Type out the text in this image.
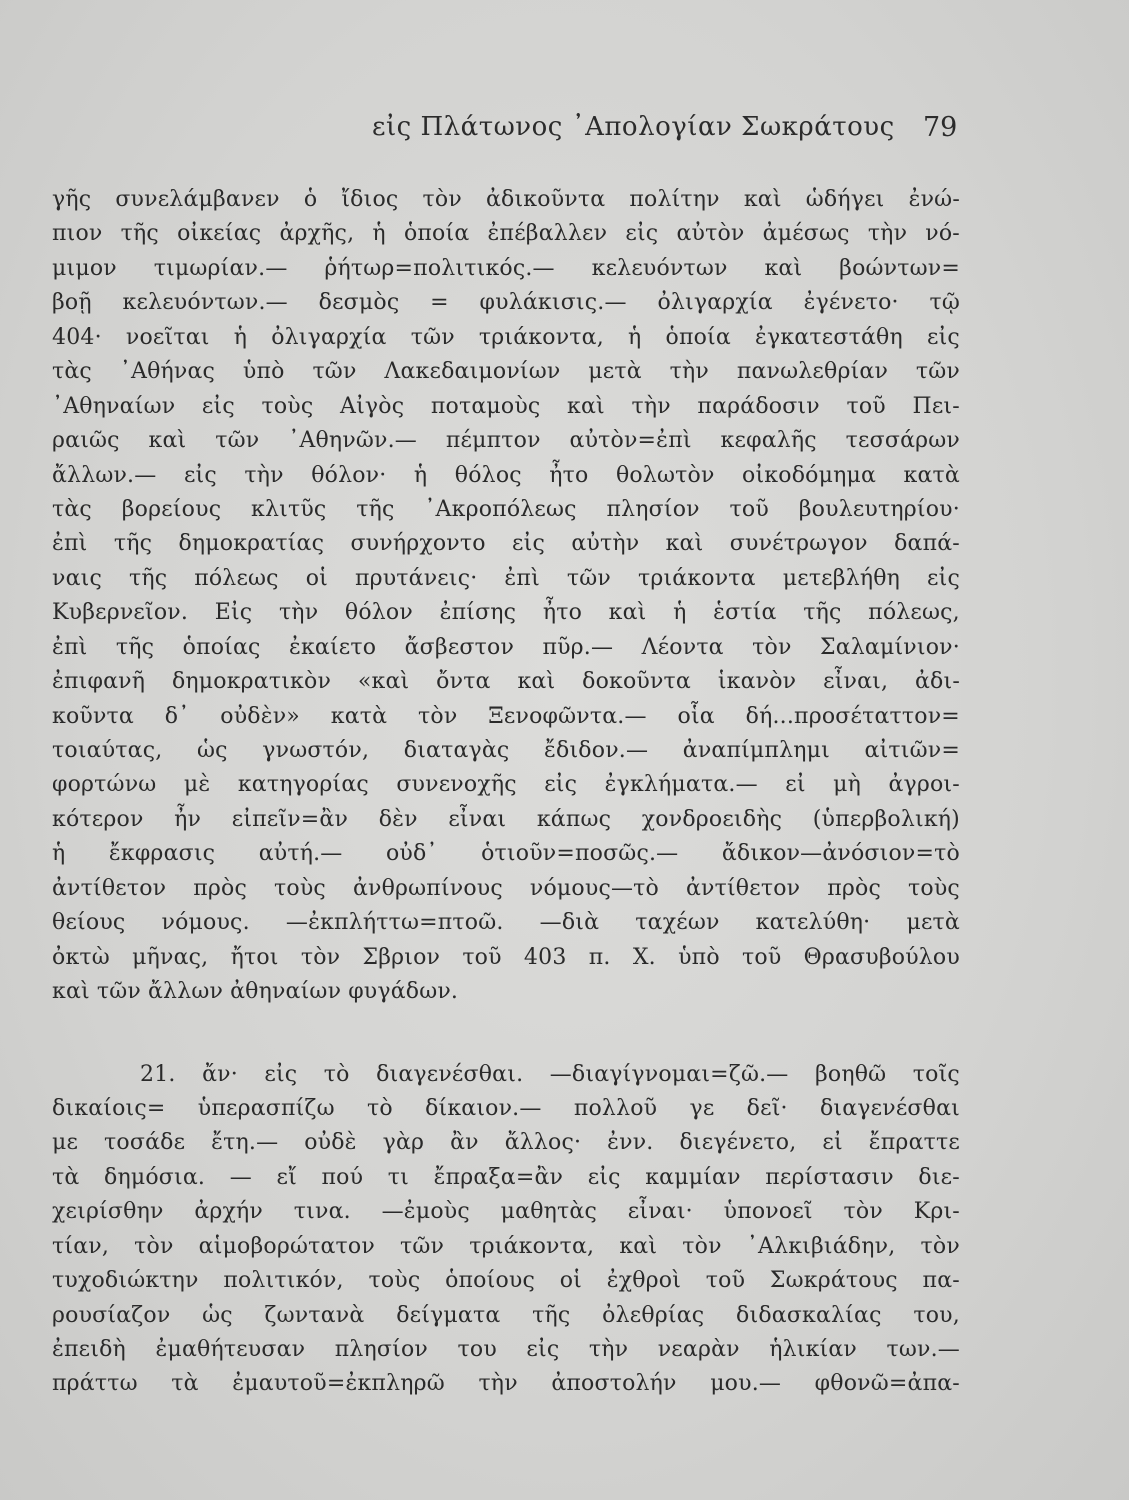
εἰς Πλάτωνος ᾿Απολογίαν Σωκράτους 79
γῆς συνελάμβανεν ὁ ἴδιος τὸν ἀδικοῦντα πολίτην καὶ ὡδήγει ἐνώ-
πιον τῆς οἰκείας ἀρχῆς, ἡ ὁποία ἐπέβαλλεν εἰς αὐτὸν ἀμέσως τὴν νό-
μιμον τιμωρίαν.— ῥήτωρ=πολιτικός.— κελευόντων καὶ βοώντων=
βοῇ κελευόντων.— δεσμὸς = φυλάκισις.— ὀλιγαρχία ἐγένετο· τῷ
404· νοεῖται ἡ ὀλιγαρχία τῶν τριάκοντα, ἡ ὁποία ἐγκατεστάθη εἰς
τὰς ᾿Αθήνας ὑπὸ τῶν Λακεδαιμονίων μετὰ τὴν πανωλεθρίαν τῶν
᾿Αθηναίων εἰς τοὺς Αἰγὸς ποταμοὺς καὶ τὴν παράδοσιν τοῦ Πει-
ραιῶς καὶ τῶν ᾿Αθηνῶν.— πέμπτον αὐτὸν=ἐπὶ κεφαλῆς τεσσάρων
ἄλλων.— εἰς τὴν θόλον· ἡ θόλος ἦτο θολωτὸν οἰκοδόμημα κατὰ
τὰς βορείους κλιτῦς τῆς ᾿Ακροπόλεως πλησίον τοῦ βουλευτηρίου·
ἐπὶ τῆς δημοκρατίας συνήρχοντο εἰς αὐτὴν καὶ συνέτρωγον δαπά-
ναις τῆς πόλεως οἱ πρυτάνεις· ἐπὶ τῶν τριάκοντα μετεβλήθη εἰς
Κυβερνεῖον. Εἰς τὴν θόλον ἐπίσης ἦτο καὶ ἡ ἑστία τῆς πόλεως,
ἐπὶ τῆς ὁποίας ἐκαίετο ἄσβεστον πῦρ.— Λέοντα τὸν Σαλαμίνιον·
ἐπιφανῆ δημοκρατικὸν «καὶ ὄντα καὶ δοκοῦντα ἱκανὸν εἶναι, ἀδι-
κοῦντα δ᾿ οὐδὲν» κατὰ τὸν Ξενοφῶντα.— οἷα δή...προσέταττον=
τοιαύτας, ὡς γνωστόν, διαταγὰς ἔδιδον.— ἀναπίμπλημι αἰτιῶν=
φορτώνω μὲ κατηγορίας συνενοχῆς εἰς ἐγκλήματα.— εἰ μὴ ἀγροι-
κότερον ἦν εἰπεῖν=ἂν δὲν εἶναι κάπως χονδροειδὴς (ὑπερβολική)
ἡ ἔκφρασις αὐτή.— οὐδ᾿ ὁτιοῦν=ποσῶς.— ἄδικον—ἀνόσιον=τὸ
ἀντίθετον πρὸς τοὺς ἀνθρωπίνους νόμους—τὸ ἀντίθετον πρὸς τοὺς
θείους νόμους. —ἐκπλήττω=πτοῶ. —διὰ ταχέων κατελύθη· μετὰ
ὀκτὼ μῆνας, ἤτοι τὸν Σβριον τοῦ 403 π. Χ. ὑπὸ τοῦ Θρασυβούλου
καὶ τῶν ἄλλων ἀθηναίων φυγάδων.
21. ἄν· εἰς τὸ διαγενέσθαι. —διαγίγνομαι=ζῶ.— βοηθῶ τοῖς
δικαίοις= ὑπερασπίζω τὸ δίκαιον.— πολλοῦ γε δεῖ· διαγενέσθαι
με τοσάδε ἔτη.— οὐδὲ γὰρ ἂν ἄλλος· ἐνν. διεγένετο, εἰ ἔπραττε
τὰ δημόσια. — εἴ πού τι ἔπραξα=ἂν εἰς καμμίαν περίστασιν διε-
χειρίσθην ἀρχήν τινα. —ἐμοὺς μαθητὰς εἶναι· ὑπονοεῖ τὸν Κρι-
τίαν, τὸν αἱμοβορώτατον τῶν τριάκοντα, καὶ τὸν ᾿Αλκιβιάδην, τὸν
τυχοδιώκτην πολιτικόν, τοὺς ὁποίους οἱ ἐχθροὶ τοῦ Σωκράτους πα-
ρουσίαζον ὡς ζωντανὰ δείγματα τῆς ὀλεθρίας διδασκαλίας του,
ἐπειδὴ ἐμαθήτευσαν πλησίον του εἰς τὴν νεαρὰν ἡλικίαν των.—
πράττω τὰ ἐμαυτοῦ=ἐκπληρῶ τὴν ἀποστολήν μου.— φθονῶ=ἀπα-
